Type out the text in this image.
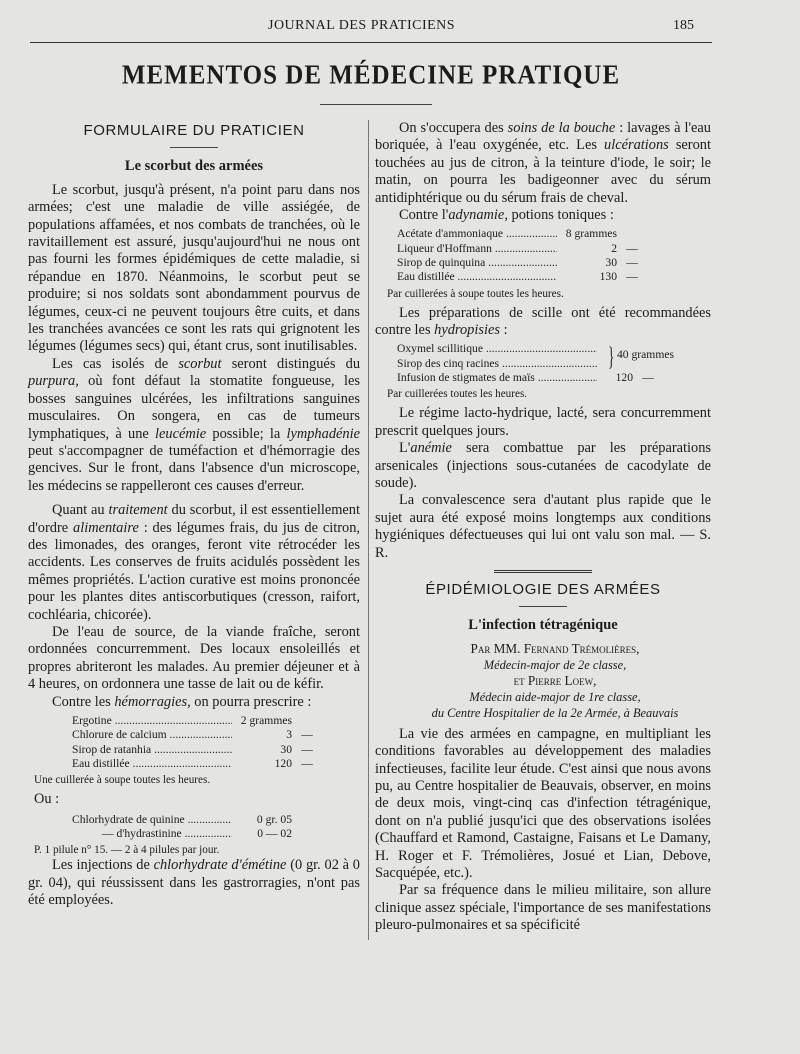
JOURNAL DES PRATICIENS	185
MEMENTOS DE MÉDECINE PRATIQUE
FORMULAIRE DU PRATICIEN
Le scorbut des armées

Le scorbut, jusqu'à présent, n'a point paru dans nos armées; c'est une maladie de ville assiégée, de populations affamées, et nos combats de tranchées, où le ravitaillement est assuré, jusqu'aujourd'hui ne nous ont pas fourni les formes épidémiques de cette maladie, si répandue en 1870. Néanmoins, le scorbut peut se produire; si nos soldats sont abondamment pourvus de légumes, ceux-ci ne peuvent toujours être cuits, et dans les tranchées avancées ce sont les rats qui grignotent les légumes (légumes secs) qui, étant crus, sont inutilisables.

Les cas isolés de scorbut seront distingués du purpura, où font défaut la stomatite fongueuse, les bosses sanguines ulcérées, les infiltrations sanguines musculaires. On songera, en cas de tumeurs lymphatiques, à une leucémie possible; la lymphadénie peut s'accompagner de tuméfaction et d'hémorragie des gencives. Sur le front, dans l'absence d'un microscope, les médecins se rappelleront ces causes d'erreur.

Quant au traitement du scorbut, il est essentiellement d'ordre alimentaire : des légumes frais, du jus de citron, des limonades, des oranges, feront vite rétrocéder les accidents. Les conserves de fruits acidulés possèdent les mêmes propriétés. L'action curative est moins prononcée pour les plantes dites antiscorbutiques (cresson, raifort, cochléaria, chicorée).

De l'eau de source, de la viande fraîche, seront ordonnées concurremment. Des locaux ensoleillés et propres abriteront les malades. Au premier déjeuner et à 4 heures, on ordonnera une tasse de lait ou de kéfir.

Contre les hémorragies, on pourra prescrire :

Ergotine .....	2 grammes
Chlorure de calcium .....	3 —
Sirop de ratanhia .....	30 —
Eau distillée .....	120 —
Une cuillerée à soupe toutes les heures.

Ou :

Chlorhydrate de quinine .....	0 gr. 05
— d'hydrastinine .....	0 — 02
P. 1 pilule n° 15. — 2 à 4 pilules par jour.

Les injections de chlorhydrate d'émétine (0 gr. 02 à 0 gr. 04), qui réussissent dans les gastrorragies, n'ont pas été employées.

On s'occupera des soins de la bouche : lavages à l'eau boriquée, à l'eau oxygénée, etc. Les ulcérations seront touchées au jus de citron, à la teinture d'iode, le soir; le matin, on pourra les badigeonner avec du sérum antidiphtérique ou du sérum frais de cheval.

Contre l'adynamie, potions toniques :

Acétate d'ammoniaque .....	8 grammes
Liqueur d'Hoffmann .....	2 —
Sirop de quinquina .....	30 —
Eau distillée .....	130 —
Par cuillerées à soupe toutes les heures.

Les préparations de scille ont été recommandées contre les hydropisies :

Oxymel scillitique .....
Sirop des cinq racines .....	} 40 grammes
Infusion de stigmates de maïs .....	120 —
Par cuillerées toutes les heures.

Le régime lacto-hydrique, lacté, sera concurremment prescrit quelques jours.

L'anémie sera combattue par les préparations arsenicales (injections sous-cutanées de cacodylate de soude).

La convalescence sera d'autant plus rapide que le sujet aura été exposé moins longtemps aux conditions hygiéniques défectueuses qui lui ont valu son mal. — S. R.

ÉPIDÉMIOLOGIE DES ARMÉES
L'infection tétragénique

Par MM. Fernand Trémolières,

Médecin-major de 2e classe,

et Pierre Loew,

Médecin aide-major de 1re classe,

du Centre Hospitalier de la 2e Armée, à Beauvais

La vie des armées en campagne, en multipliant les conditions favorables au développement des maladies infectieuses, facilite leur étude. C'est ainsi que nous avons pu, au Centre hospitalier de Beauvais, observer, en moins de deux mois, vingt-cinq cas d'infection tétragénique, dont on n'a publié jusqu'ici que des observations isolées (Chauffard et Ramond, Castaigne, Faisans et Le Damany, H. Roger et F. Trémolières, Josué et Lian, Debove, Sacquépée, etc.).

Par sa fréquence dans le milieu militaire, son allure clinique assez spéciale, l'importance de ses manifestations pleuro-pulmonaires et sa spécificité
